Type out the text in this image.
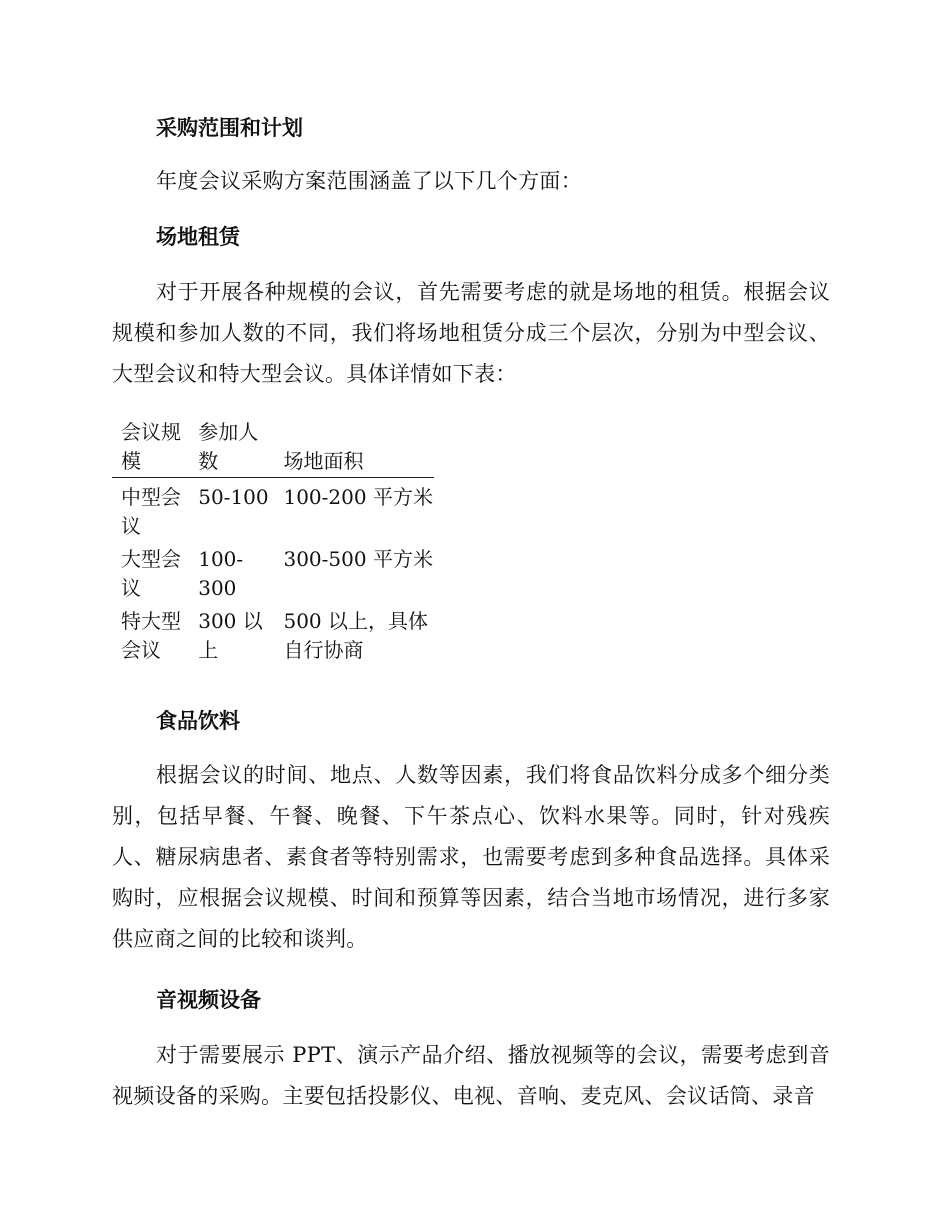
采购范围和计划
年度会议采购方案范围涵盖了以下几个方面：
场地租赁
对于开展各种规模的会议，首先需要考虑的就是场地的租赁。根据会议规模和参加人数的不同，我们将场地租赁分成三个层次，分别为中型会议、大型会议和特大型会议。具体详情如下表：
会议规模	参加人数	场地面积
中型会议	50-100	100-200 平方米
大型会议	100-300	300-500 平方米
特大型会议	300 以上	500 以上，具体自行协商
食品饮料
根据会议的时间、地点、人数等因素，我们将食品饮料分成多个细分类别，包括早餐、午餐、晚餐、下午茶点心、饮料水果等。同时，针对残疾人、糖尿病患者、素食者等特别需求，也需要考虑到多种食品选择。具体采购时，应根据会议规模、时间和预算等因素，结合当地市场情况，进行多家供应商之间的比较和谈判。
音视频设备
对于需要展示 PPT、演示产品介绍、播放视频等的会议，需要考虑到音视频设备的采购。主要包括投影仪、电视、音响、麦克风、会议话筒、录音
